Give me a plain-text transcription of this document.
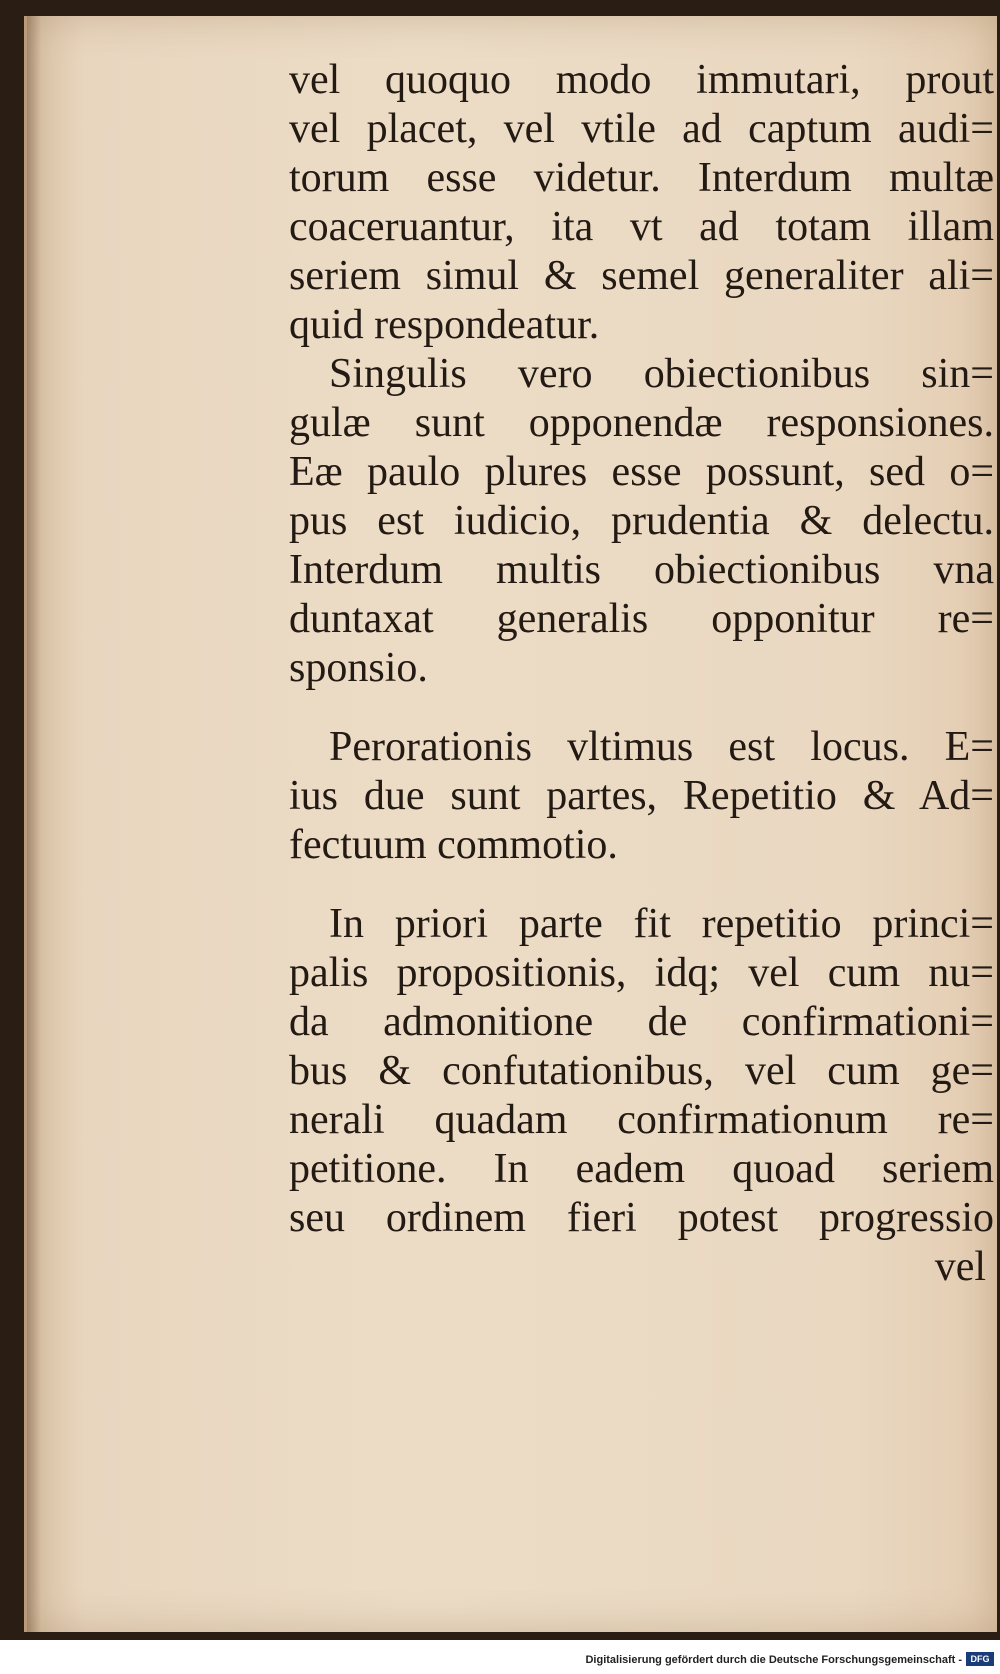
vel quoquo modo immutari, prout
vel placet, vel vtile ad captum audi=
torum esse videtur. Interdum multæ
coaceruantur, ita vt ad totam illam
seriem simul & semel generaliter ali=
quid respondeatur.
Singulis vero obiectionibus sin=
gulæ sunt opponendæ responsiones.
Eæ paulo plures esse possunt, sed o=
pus est iudicio, prudentia & delectu.
Interdum multis obiectionibus vna
duntaxat generalis opponitur re=
sponsio.
Perorationis vltimus est locus. E=
ius due sunt partes, Repetitio & Ad=
fectuum commotio.
In priori parte fit repetitio princi=
palis propositionis, idq; vel cum nu=
da admonitione de confirmationi=
bus & confutationibus, vel cum ge=
nerali quadam confirmationum re=
petitione. In eadem quoad seriem
seu ordinem fieri potest progressio
vel
Digitalisierung gefördert durch die Deutsche Forschungsgemeinschaft - DFG
